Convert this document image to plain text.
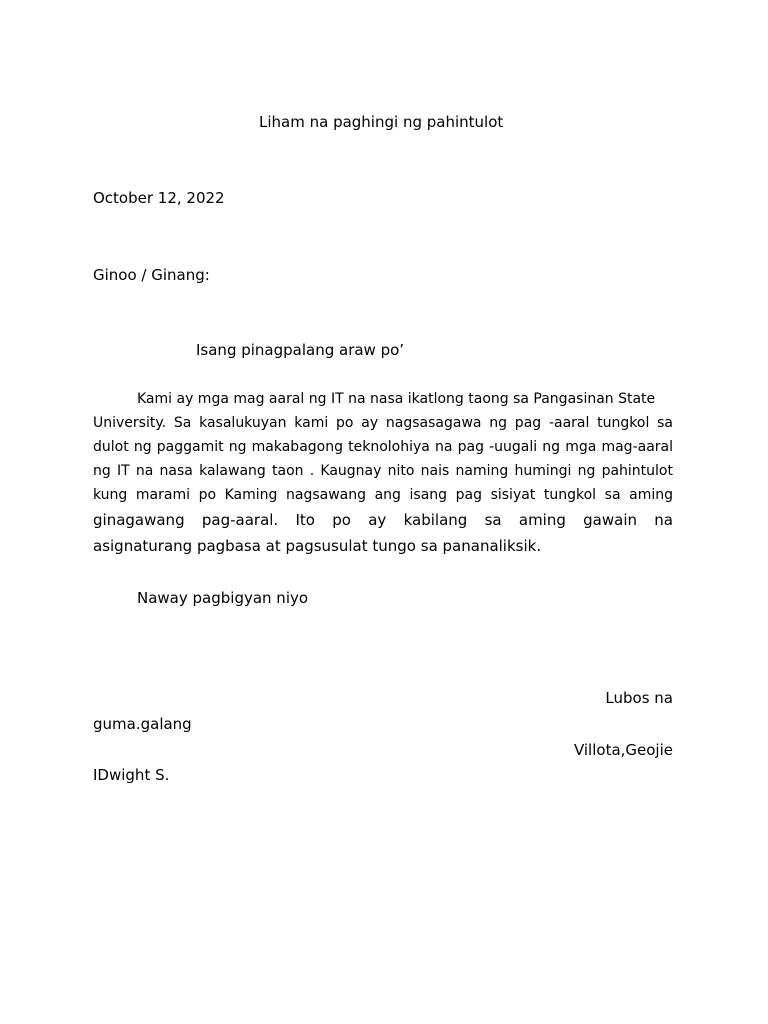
Liham na paghingi ng pahintulot
October 12, 2022
Ginoo / Ginang:
Isang pinagpalang araw po’
Kami ay mga mag aaral ng IT na nasa ikatlong taong sa Pangasinan State
University. Sa kasalukuyan kami po ay nagsasagawa ng pag -aaral tungkol sa
dulot ng paggamit ng makabagong teknolohiya na pag -uugali ng mga mag-aaral
ng IT na nasa kalawang taon . Kaugnay nito nais naming humingi ng pahintulot
kung marami po Kaming nagsawang ang isang pag sisiyat tungkol sa aming
ginagawang pag-aaral. Ito po ay kabilang sa aming gawain na
asignaturang pagbasa at pagsusulat tungo sa pananaliksik.
Naway pagbigyan niyo
Lubos na
guma.galang
Villota,Geojie
IDwight S.
